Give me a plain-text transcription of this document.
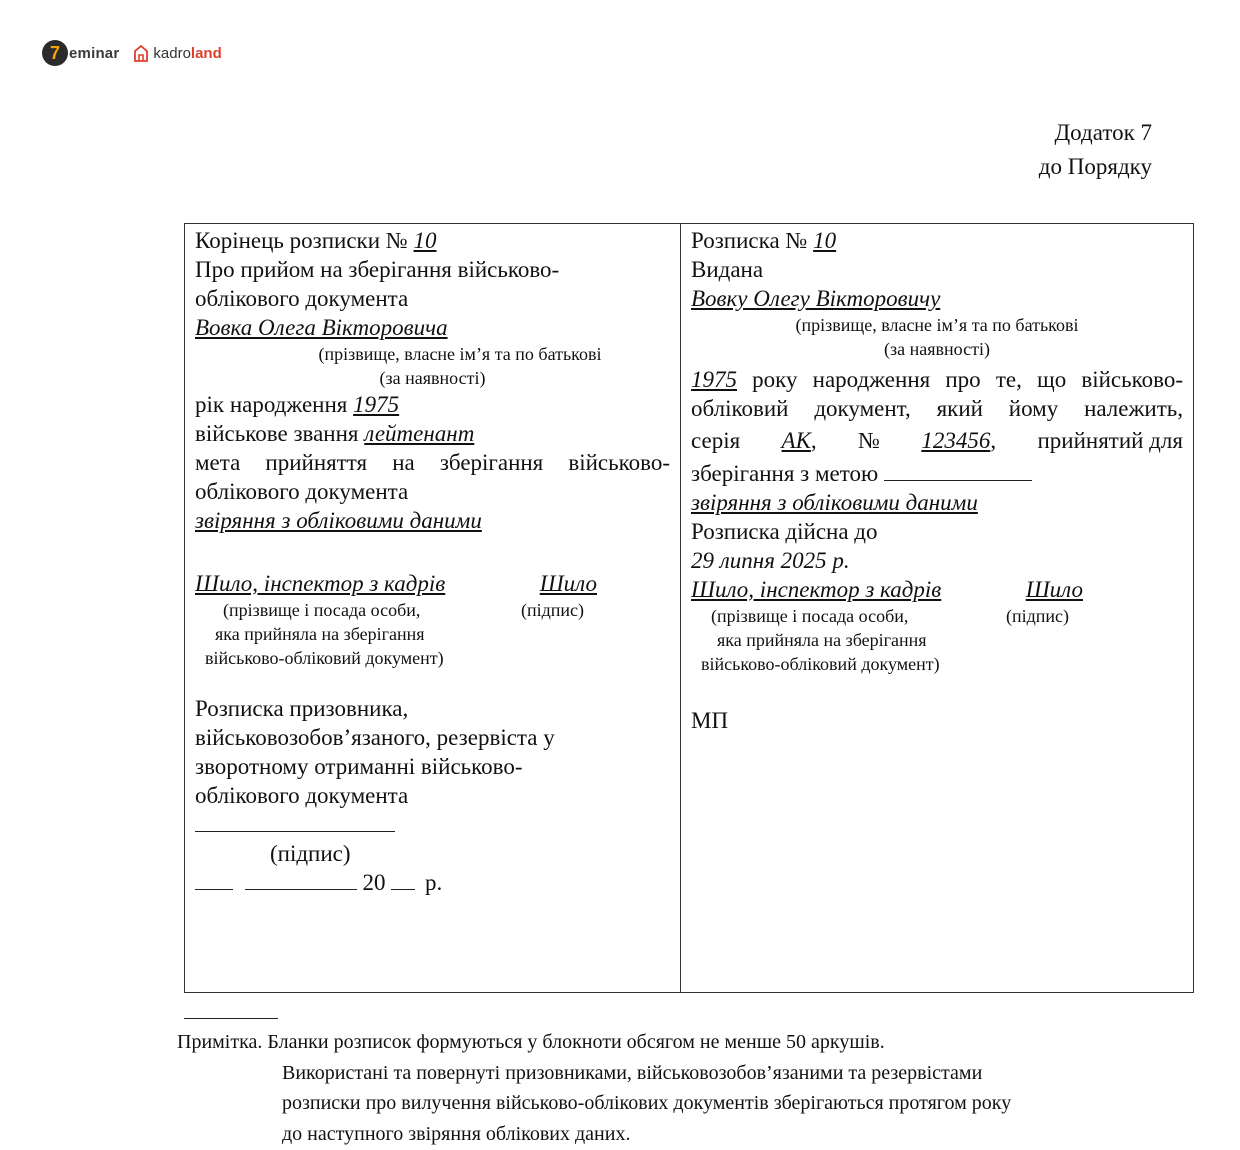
7 eminar kadro land
Додаток 7
до Порядку
Корінець розписки № 10
Про прийом на зберігання військово-
облікового документа
Вовка Олега Вікторовича
(прізвище, власне ім’я та по батькові
(за наявності)
рік народження 1975
військове звання лейтенант
мета прийняття на зберігання військово-
облікового документа
звіряння з обліковими даними
Шило, інспектор з кадрів	Шило
(прізвище і посада особи,
яка прийняла на зберігання
військово-обліковий документ)
(підпис)
Розписка призовника,
військовозобов’язаного, резервіста у
зворотному отриманні військово-
облікового документа
(підпис)
20 р.
Розписка № 10
Видана
Вовку Олегу Вікторовичу
(прізвище, власне ім’я та по батькові
(за наявності)
1975 року народження про те, що військово-
обліковий документ, який йому належить,
серія АК, № 123456, прийнятий для
зберігання з метою
звіряння з обліковими даними
Розписка дійсна до
29 липня 2025 р.
Шило, інспектор з кадрів	Шило
(прізвище і посада особи,
яка прийняла на зберігання
військово-обліковий документ)
(підпис)
МП
Примітка. Бланки розписок формуються у блокноти обсягом не менше 50 аркушів.
Використані та повернуті призовниками, військовозобов’язаними та резервістами
розписки про вилучення військово-облікових документів зберігаються протягом року
до наступного звіряння облікових даних.
